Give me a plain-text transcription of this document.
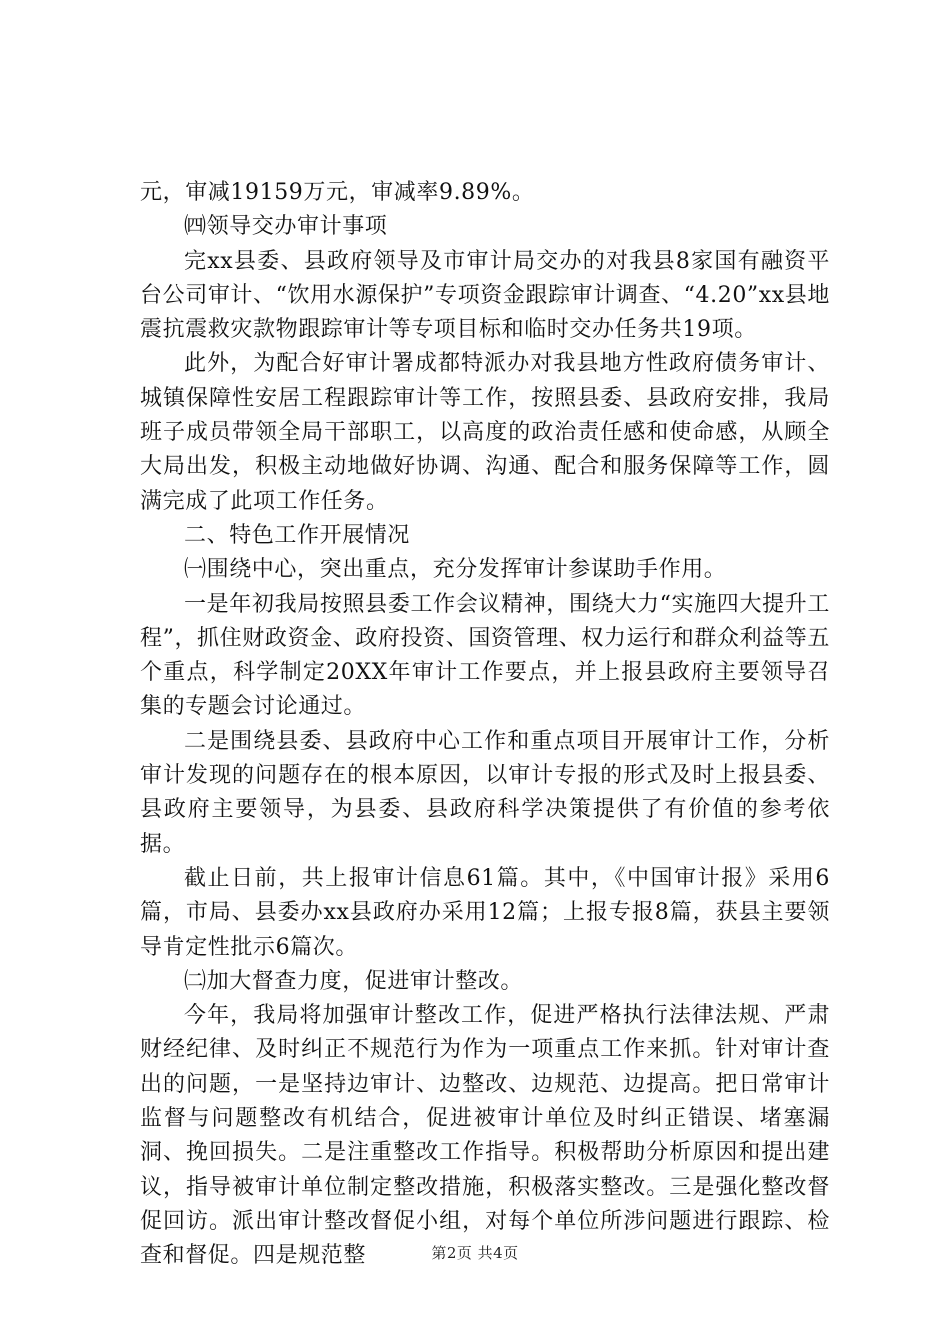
元，审减19159万元，审减率9.89%。

㈣领导交办审计事项

完xx县委、县政府领导及市审计局交办的对我县8家国有融资平台公司审计、“饮用水源保护”专项资金跟踪审计调查、“4.20”xx县地震抗震救灾款物跟踪审计等专项目标和临时交办任务共19项。

此外，为配合好审计署成都特派办对我县地方性政府债务审计、城镇保障性安居工程跟踪审计等工作，按照县委、县政府安排，我局班子成员带领全局干部职工，以高度的政治责任感和使命感，从顾全大局出发，积极主动地做好协调、沟通、配合和服务保障等工作，圆满完成了此项工作任务。

二、特色工作开展情况

㈠围绕中心，突出重点，充分发挥审计参谋助手作用。

一是年初我局按照县委工作会议精神，围绕大力“实施四大提升工程”，抓住财政资金、政府投资、国资管理、权力运行和群众利益等五个重点，科学制定20XX年审计工作要点，并上报县政府主要领导召集的专题会讨论通过。

二是围绕县委、县政府中心工作和重点项目开展审计工作，分析审计发现的问题存在的根本原因，以审计专报的形式及时上报县委、县政府主要领导，为县委、县政府科学决策提供了有价值的参考依据。

截止日前，共上报审计信息61篇。其中，《中国审计报》采用6篇，市局、县委办xx县政府办采用12篇；上报专报8篇，获县主要领导肯定性批示6篇次。

㈡加大督查力度，促进审计整改。

今年，我局将加强审计整改工作，促进严格执行法律法规、严肃财经纪律、及时纠正不规范行为作为一项重点工作来抓。针对审计查出的问题，一是坚持边审计、边整改、边规范、边提高。把日常审计监督与问题整改有机结合，促进被审计单位及时纠正错误、堵塞漏洞、挽回损失。二是注重整改工作指导。积极帮助分析原因和提出建议，指导被审计单位制定整改措施，积极落实整改。三是强化整改督促回访。派出审计整改督促小组，对每个单位所涉问题进行跟踪、检查和督促。四是规范整	第2页 共4页
